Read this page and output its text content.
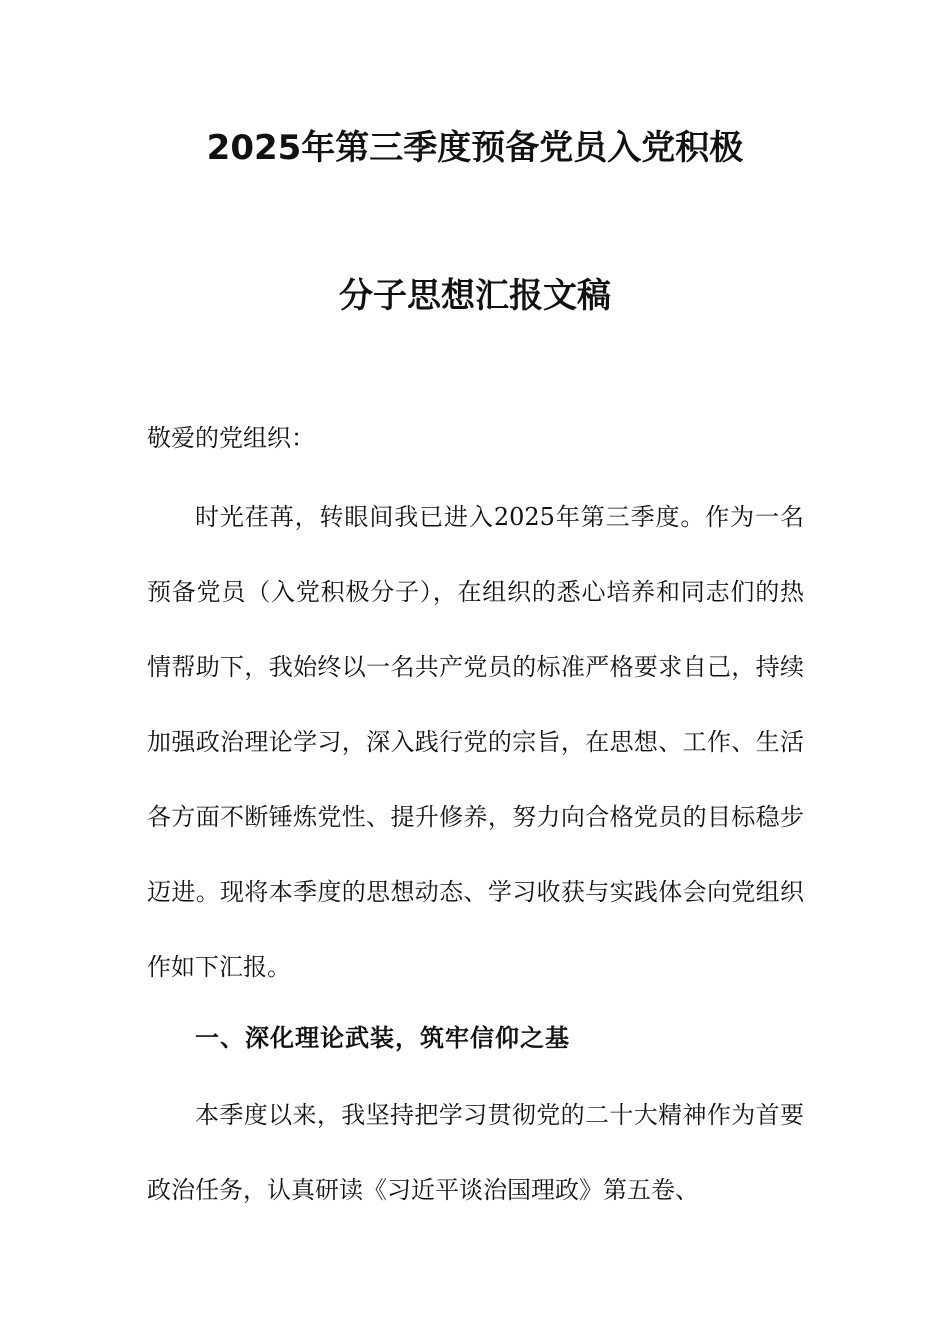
2025年第三季度预备党员入党积极
分子思想汇报文稿
敬爱的党组织：

时光荏苒，转眼间我已进入2025年第三季度。作为一名预备党员（入党积极分子），在组织的悉心培养和同志们的热情帮助下，我始终以一名共产党员的标准严格要求自己，持续加强政治理论学习，深入践行党的宗旨，在思想、工作、生活各方面不断锤炼党性、提升修养，努力向合格党员的目标稳步迈进。现将本季度的思想动态、学习收获与实践体会向党组织作如下汇报。

一、深化理论武装，筑牢信仰之基

本季度以来，我坚持把学习贯彻党的二十大精神作为首要政治任务，认真研读《习近平谈治国理政》第五卷、
